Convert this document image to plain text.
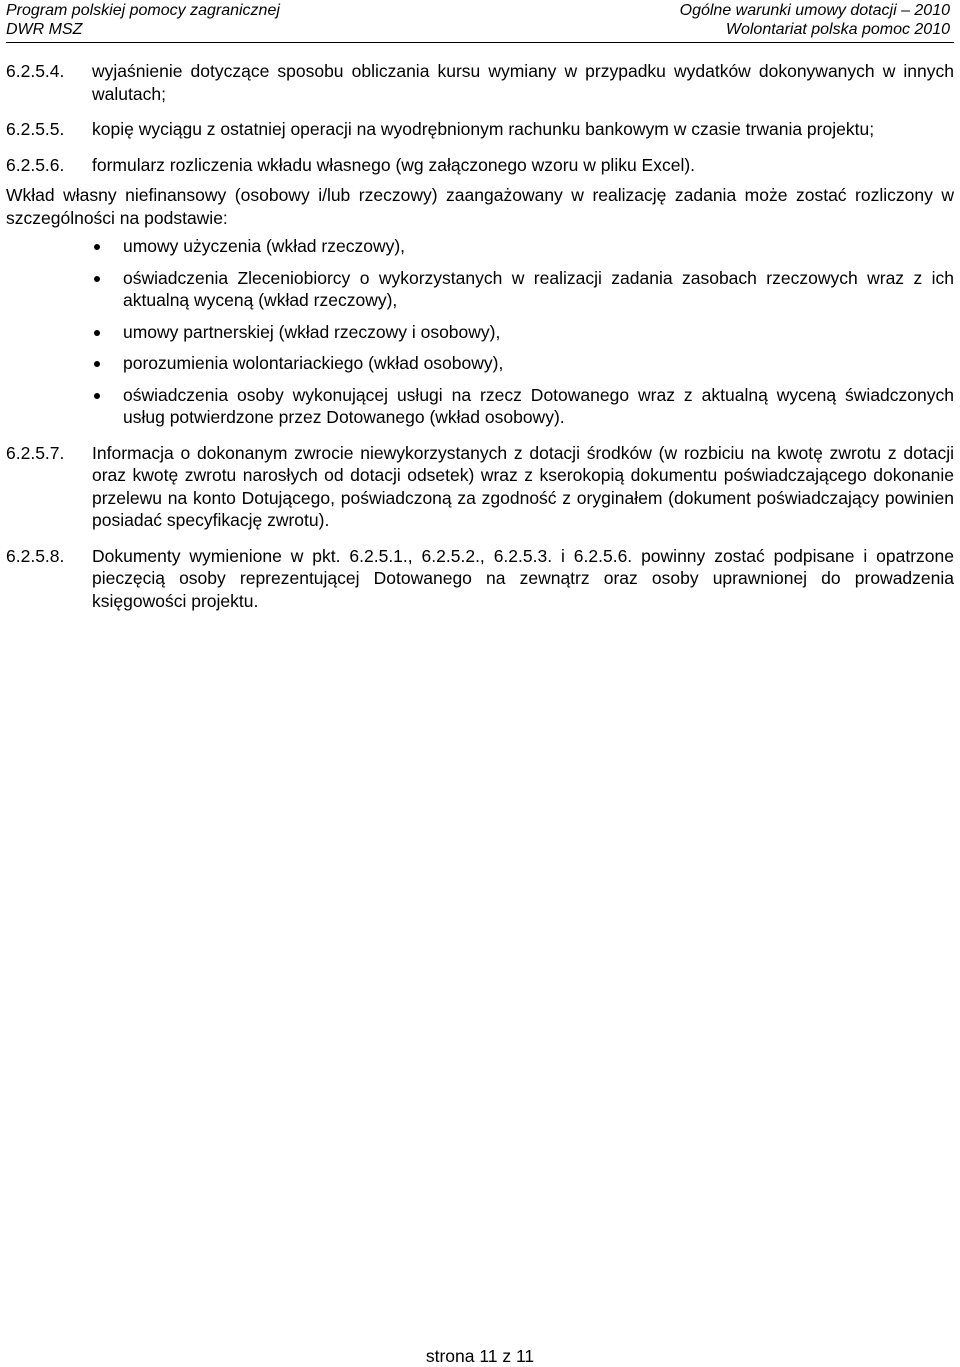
Program polskiej pomocy zagranicznej
DWR MSZ
Ogólne warunki umowy dotacji – 2010
Wolontariat polska pomoc 2010
6.2.5.4.	wyjaśnienie dotyczące sposobu obliczania kursu wymiany w przypadku wydatków dokonywanych w innych walutach;
6.2.5.5.	kopię wyciągu z ostatniej operacji na wyodrębnionym rachunku bankowym w czasie trwania projektu;
6.2.5.6.	formularz rozliczenia wkładu własnego (wg załączonego wzoru w pliku Excel).

Wkład własny niefinansowy (osobowy i/lub rzeczowy) zaangażowany w realizację zadania może zostać rozliczony w szczególności na podstawie:

umowy użyczenia (wkład rzeczowy),
oświadczenia Zleceniobiorcy o wykorzystanych w realizacji zadania zasobach rzeczowych wraz z ich aktualną wyceną (wkład rzeczowy),
umowy partnerskiej (wkład rzeczowy i osobowy),
porozumienia wolontariackiego (wkład osobowy),
oświadczenia osoby wykonującej usługi na rzecz Dotowanego wraz z aktualną wyceną świadczonych usług potwierdzone przez Dotowanego (wkład osobowy).
6.2.5.7.	Informacja o dokonanym zwrocie niewykorzystanych z dotacji środków (w rozbiciu na kwotę zwrotu z dotacji oraz kwotę zwrotu narosłych od dotacji odsetek) wraz z kserokopią dokumentu poświadczającego dokonanie przelewu na konto Dotującego, poświadczoną za zgodność z oryginałem (dokument poświadczający powinien posiadać specyfikację zwrotu).
6.2.5.8.	Dokumenty wymienione w pkt. 6.2.5.1., 6.2.5.2., 6.2.5.3. i 6.2.5.6. powinny zostać podpisane i opatrzone pieczęcią osoby reprezentującej Dotowanego na zewnątrz oraz osoby uprawnionej do prowadzenia księgowości projektu.
strona 11 z 11
